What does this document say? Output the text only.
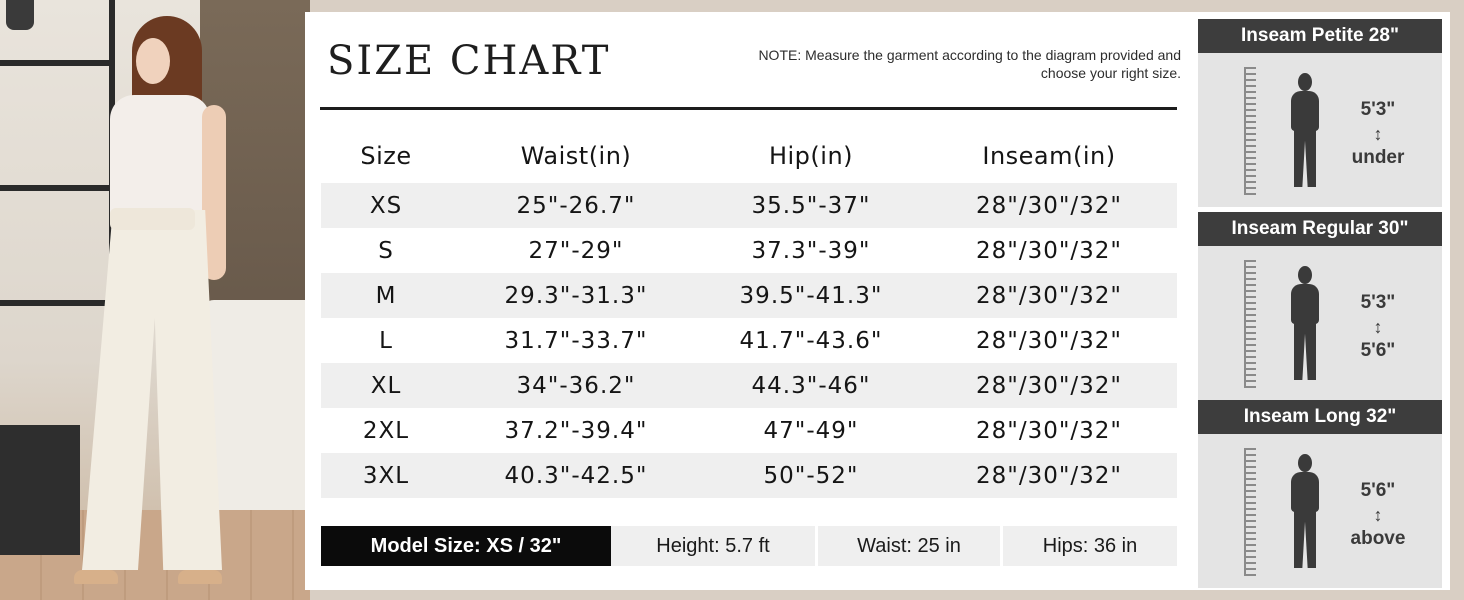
SIZE CHART	NOTE: Measure the garment according to the diagram provided and
choose your right size.
Size	Waist(in)	Hip(in)	Inseam(in)
XS	25"-26.7"	35.5"-37"	28"/30"/32"
S	27"-29"	37.3"-39"	28"/30"/32"
M	29.3"-31.3"	39.5"-41.3"	28"/30"/32"
L	31.7"-33.7"	41.7"-43.6"	28"/30"/32"
XL	34"-36.2"	44.3"-46"	28"/30"/32"
2XL	37.2"-39.4"	47"-49"	28"/30"/32"
3XL	40.3"-42.5"	50"-52"	28"/30"/32"
Model Size: XS / 32"	Height: 5.7 ft	Waist: 25 in	Hips: 36 in
Inseam Petite 28"
5'3"
↕
under
Inseam Regular 30"
5'3"
↕
5'6"
Inseam Long 32"
5'6"
↕
above
